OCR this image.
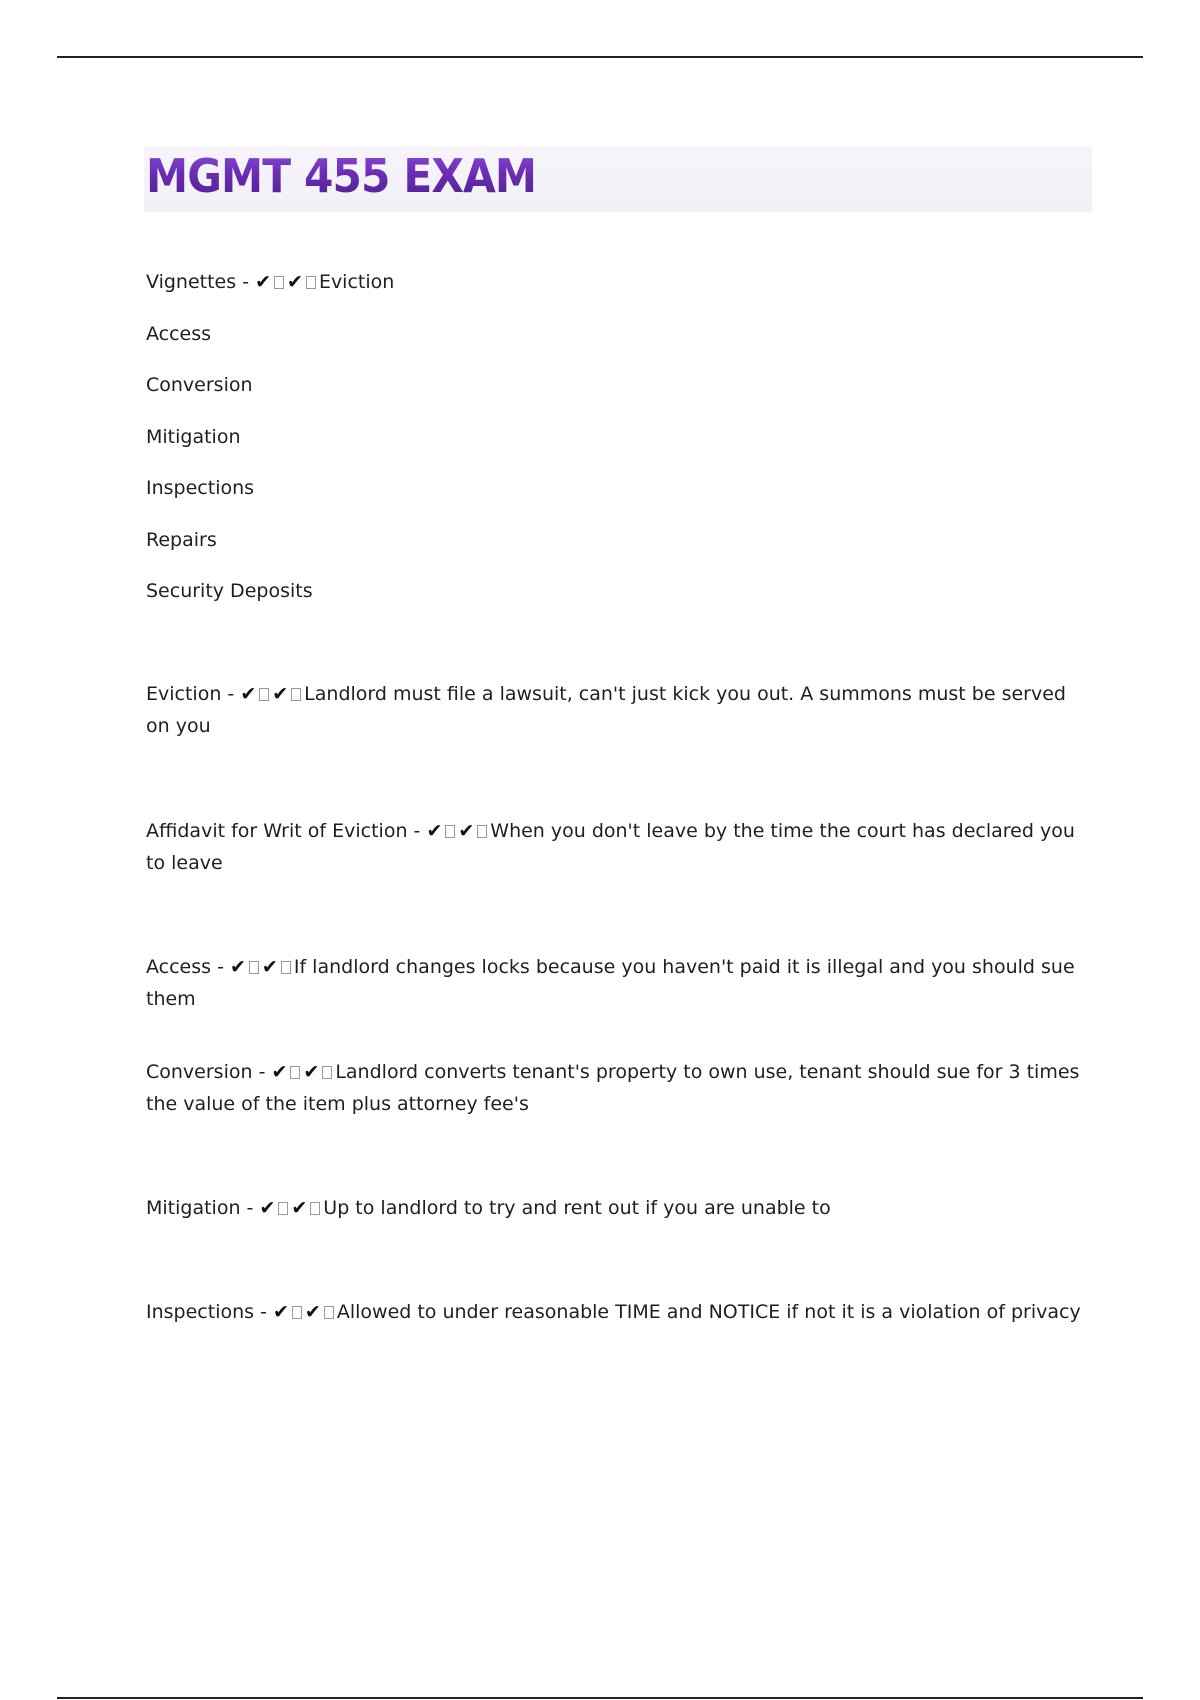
MGMT 455 EXAM
Vignettes - ✔ ✔ Eviction
Access
Conversion
Mitigation
Inspections
Repairs
Security Deposits
Eviction - ✔ ✔ Landlord must file a lawsuit, can't just kick you out. A summons must be served on you
Affidavit for Writ of Eviction - ✔ ✔ When you don't leave by the time the court has declared you to leave
Access - ✔ ✔ If landlord changes locks because you haven't paid it is illegal and you should sue them
Conversion - ✔ ✔ Landlord converts tenant's property to own use, tenant should sue for 3 times the value of the item plus attorney fee's
Mitigation - ✔ ✔ Up to landlord to try and rent out if you are unable to
Inspections - ✔ ✔ Allowed to under reasonable TIME and NOTICE if not it is a violation of privacy
